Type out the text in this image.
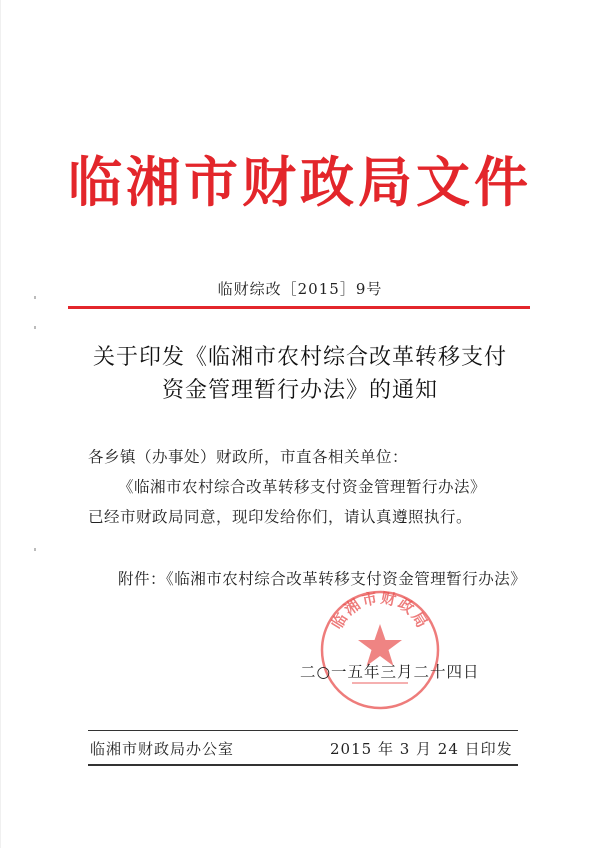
临湘市财政局文件
临财综改［2015］9号
关于印发《临湘市农村综合改革转移支付
资金管理暂行办法》的通知
各乡镇（办事处）财政所，市直各相关单位：
《临湘市农村综合改革转移支付资金管理暂行办法》
已经市财政局同意，现印发给你们，请认真遵照执行。
附件：《临湘市农村综合改革转移支付资金管理暂行办法》
临湘市财政局
二○一五年三月二十四日
临湘市财政局办公室	2015 年 3 月 24 日印发
